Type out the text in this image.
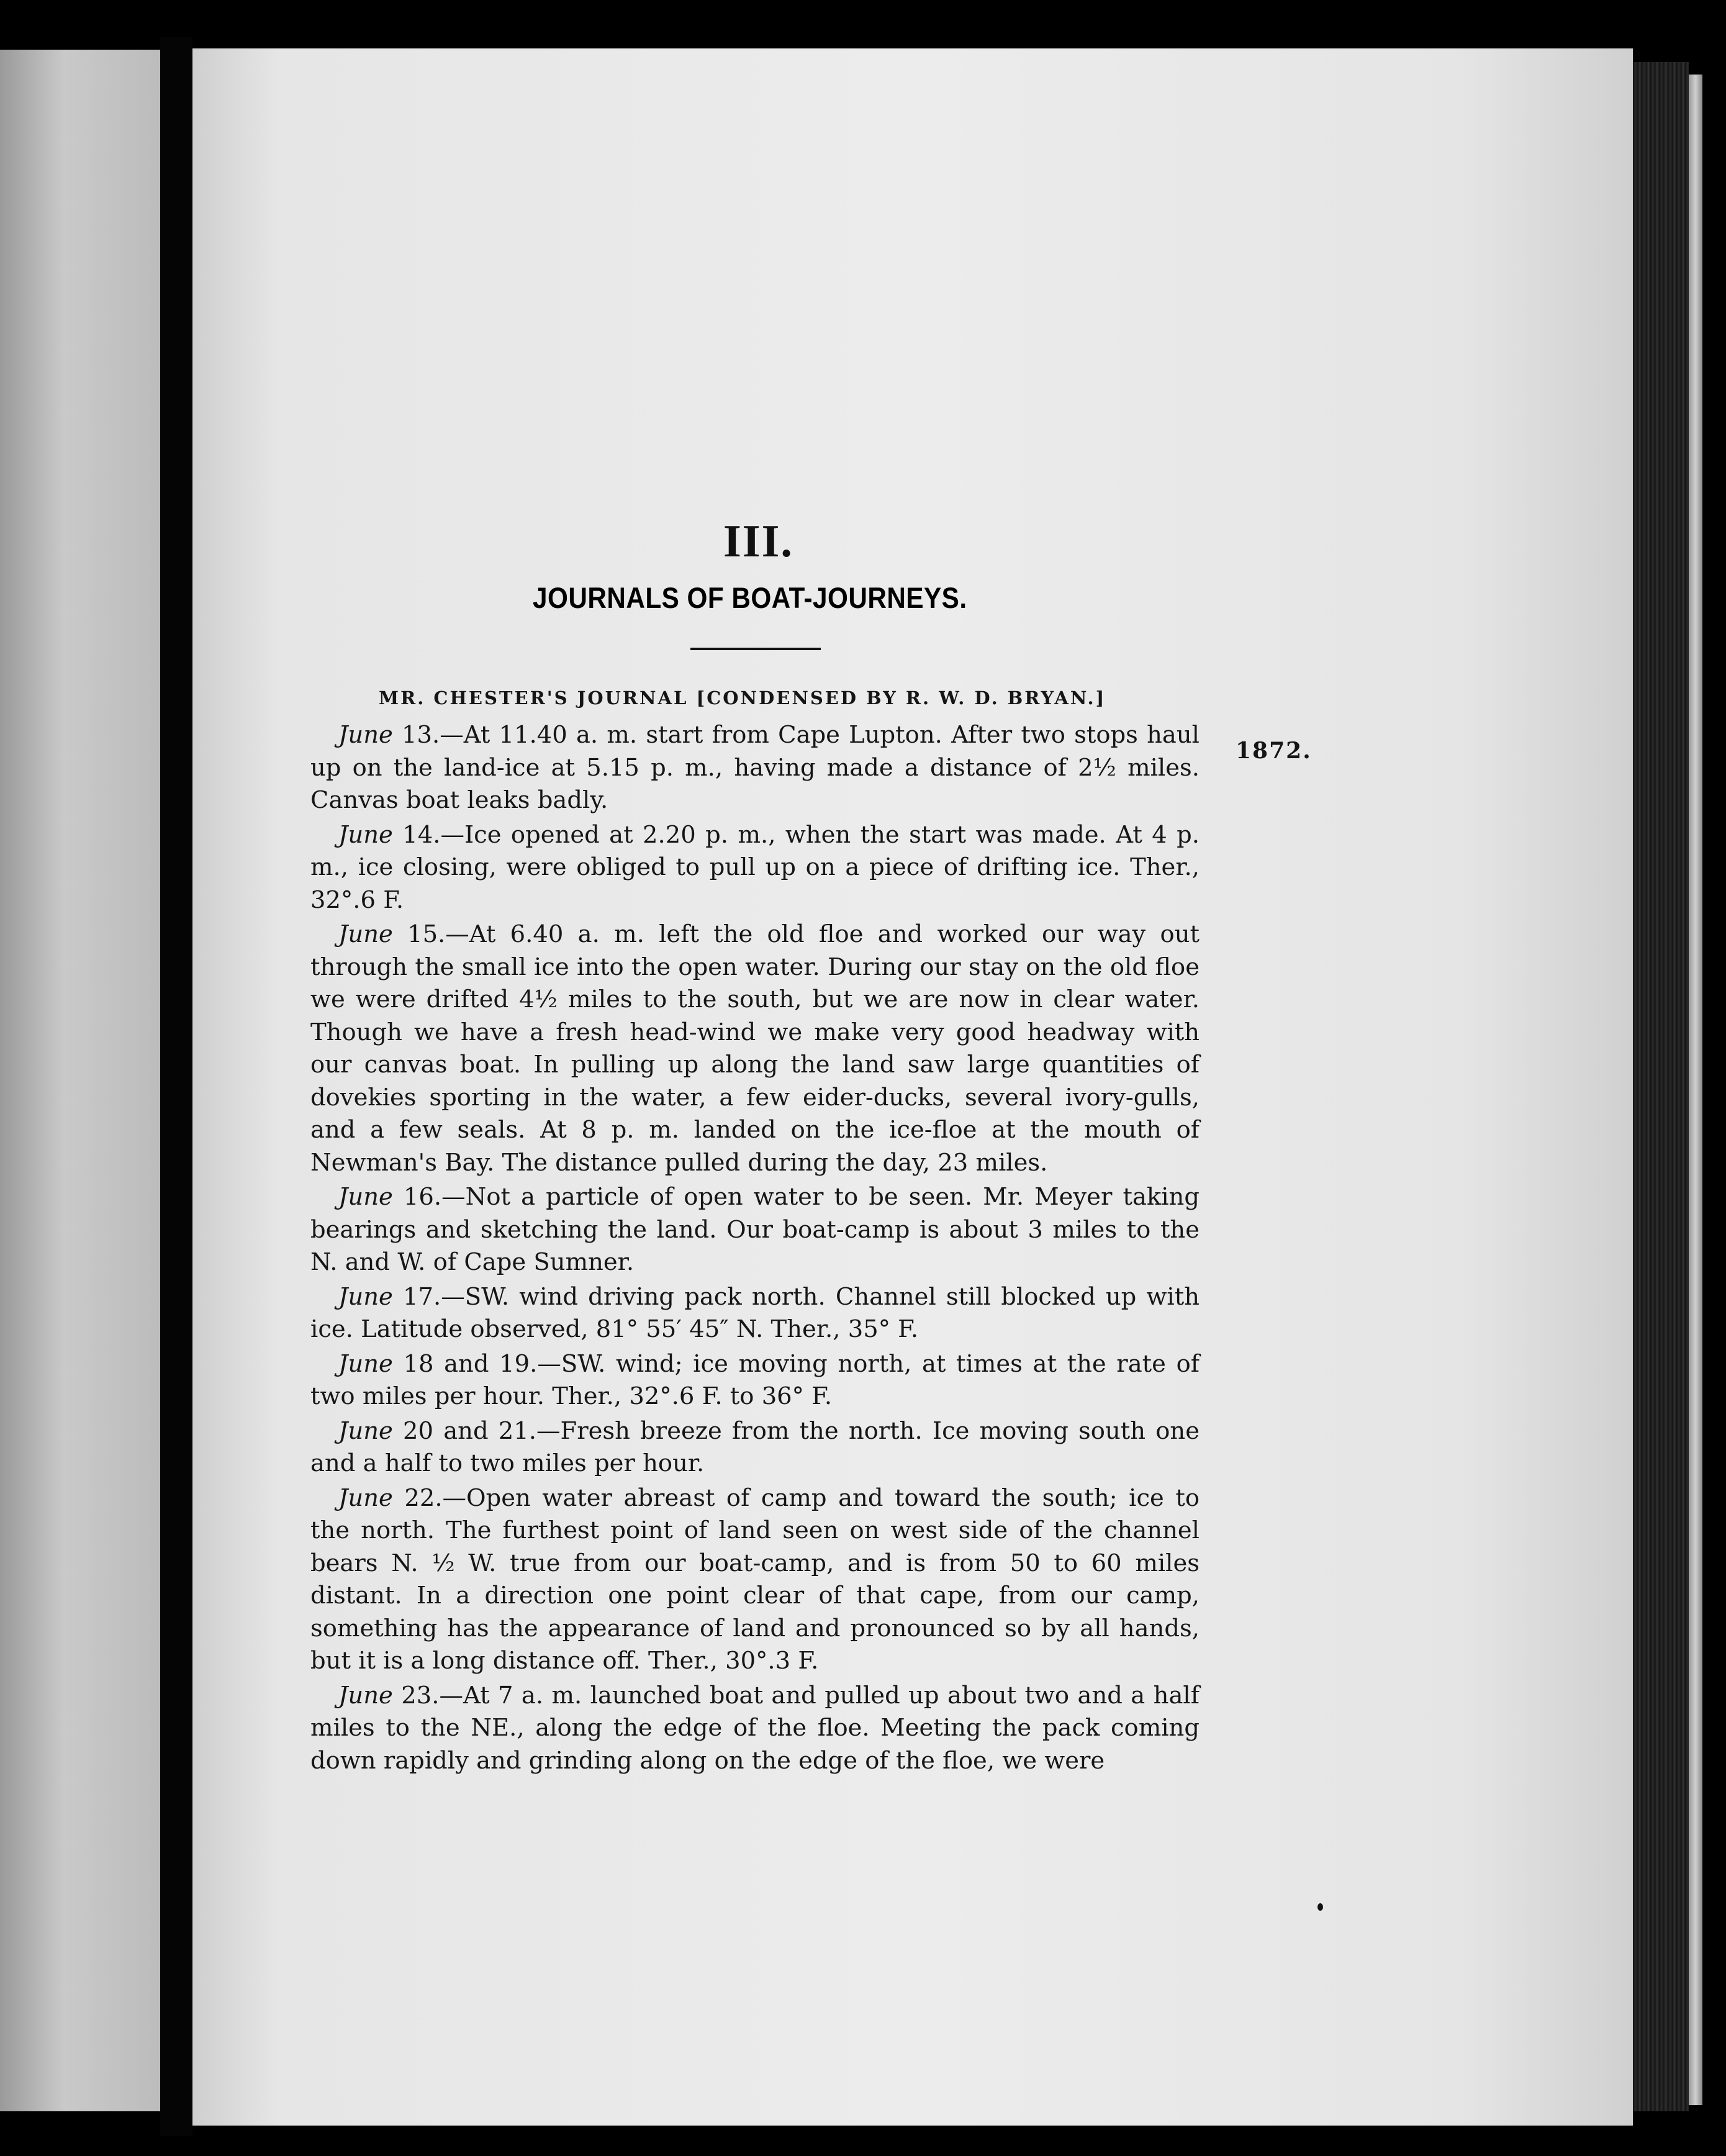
III.
JOURNALS OF BOAT-JOURNEYS.
MR. CHESTER'S JOURNAL [CONDENSED BY R. W. D. BRYAN.]
1872.

June 13.—At 11.40 a. m. start from Cape Lupton. After two stops haul up on the land-ice at 5.15 p. m., having made a distance of 2½ miles. Canvas boat leaks badly.

June 14.—Ice opened at 2.20 p. m., when the start was made. At 4 p. m., ice closing, were obliged to pull up on a piece of drifting ice. Ther., 32°.6 F.

June 15.—At 6.40 a. m. left the old floe and worked our way out through the small ice into the open water. During our stay on the old floe we were drifted 4½ miles to the south, but we are now in clear water. Though we have a fresh head-wind we make very good headway with our canvas boat. In pulling up along the land saw large quantities of dovekies sporting in the water, a few eider-ducks, several ivory-gulls, and a few seals. At 8 p. m. landed on the ice-floe at the mouth of Newman's Bay. The distance pulled during the day, 23 miles.

June 16.—Not a particle of open water to be seen. Mr. Meyer taking bearings and sketching the land. Our boat-camp is about 3 miles to the N. and W. of Cape Sumner.

June 17.—SW. wind driving pack north. Channel still blocked up with ice. Latitude observed, 81° 55′ 45″ N. Ther., 35° F.

June 18 and 19.—SW. wind; ice moving north, at times at the rate of two miles per hour. Ther., 32°.6 F. to 36° F.

June 20 and 21.—Fresh breeze from the north. Ice moving south one and a half to two miles per hour.

June 22.—Open water abreast of camp and toward the south; ice to the north. The furthest point of land seen on west side of the channel bears N. ½ W. true from our boat-camp, and is from 50 to 60 miles distant. In a direction one point clear of that cape, from our camp, something has the appearance of land and pronounced so by all hands, but it is a long distance off. Ther., 30°.3 F.

June 23.—At 7 a. m. launched boat and pulled up about two and a half miles to the NE., along the edge of the floe. Meeting the pack coming down rapidly and grinding along on the edge of the floe, we were
